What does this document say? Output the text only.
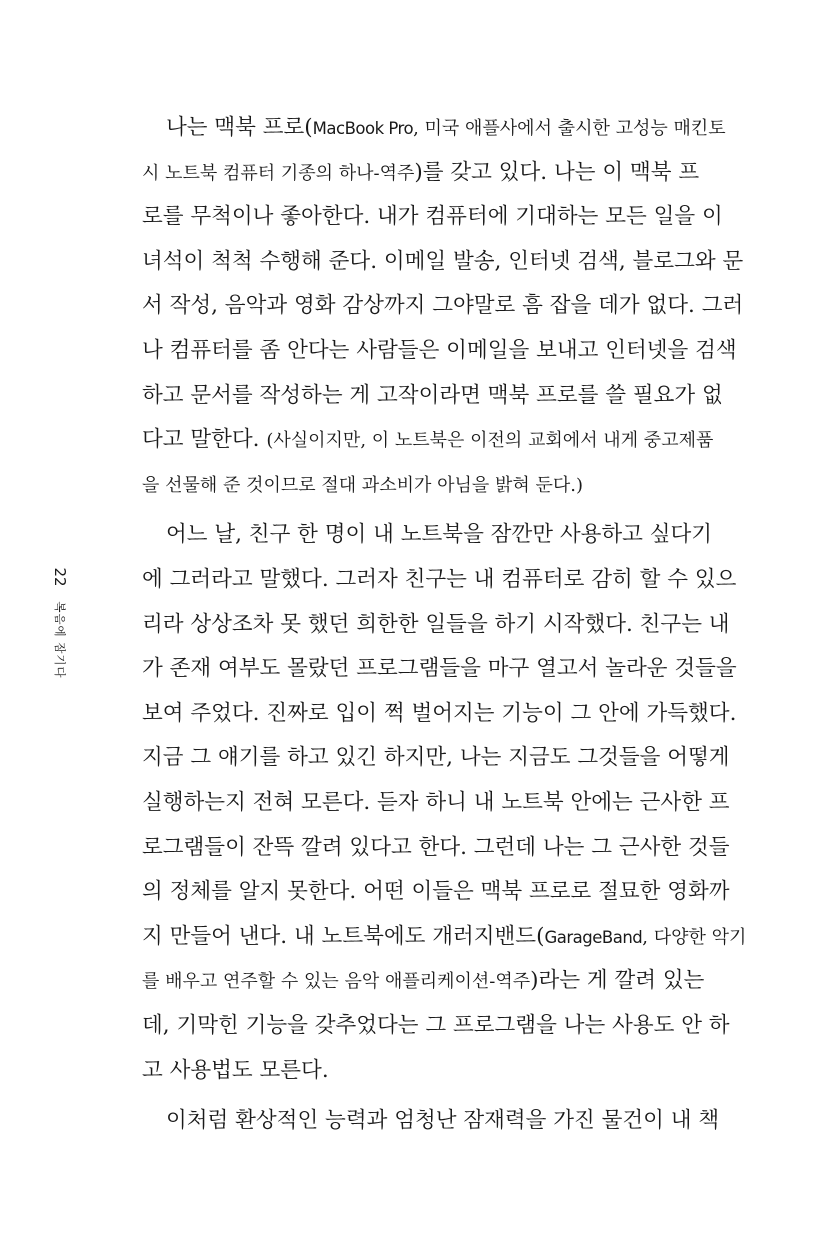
나는 맥북 프로(MacBook Pro, 미국 애플사에서 출시한 고성능 매킨토
시 노트북 컴퓨터 기종의 하나-역주)를 갖고 있다. 나는 이 맥북 프
로를 무척이나 좋아한다. 내가 컴퓨터에 기대하는 모든 일을 이
녀석이 척척 수행해 준다. 이메일 발송, 인터넷 검색, 블로그와 문
서 작성, 음악과 영화 감상까지 그야말로 흠 잡을 데가 없다. 그러
나 컴퓨터를 좀 안다는 사람들은 이메일을 보내고 인터넷을 검색
하고 문서를 작성하는 게 고작이라면 맥북 프로를 쓸 필요가 없
다고 말한다. (사실이지만, 이 노트북은 이전의 교회에서 내게 중고제품
을 선물해 준 것이므로 절대 과소비가 아님을 밝혀 둔다.)
어느 날, 친구 한 명이 내 노트북을 잠깐만 사용하고 싶다기
에 그러라고 말했다. 그러자 친구는 내 컴퓨터로 감히 할 수 있으
리라 상상조차 못 했던 희한한 일들을 하기 시작했다. 친구는 내
가 존재 여부도 몰랐던 프로그램들을 마구 열고서 놀라운 것들을
보여 주었다. 진짜로 입이 쩍 벌어지는 기능이 그 안에 가득했다.
지금 그 얘기를 하고 있긴 하지만, 나는 지금도 그것들을 어떻게
실행하는지 전혀 모른다. 듣자 하니 내 노트북 안에는 근사한 프
로그램들이 잔뜩 깔려 있다고 한다. 그런데 나는 그 근사한 것들
의 정체를 알지 못한다. 어떤 이들은 맥북 프로로 절묘한 영화까
지 만들어 낸다. 내 노트북에도 개러지밴드(GarageBand, 다양한 악기
를 배우고 연주할 수 있는 음악 애플리케이션-역주)라는 게 깔려 있는
데, 기막힌 기능을 갖추었다는 그 프로그램을 나는 사용도 안 하
고 사용법도 모른다.
이처럼 환상적인 능력과 엄청난 잠재력을 가진 물건이 내 책
22
복음에 잠기다
